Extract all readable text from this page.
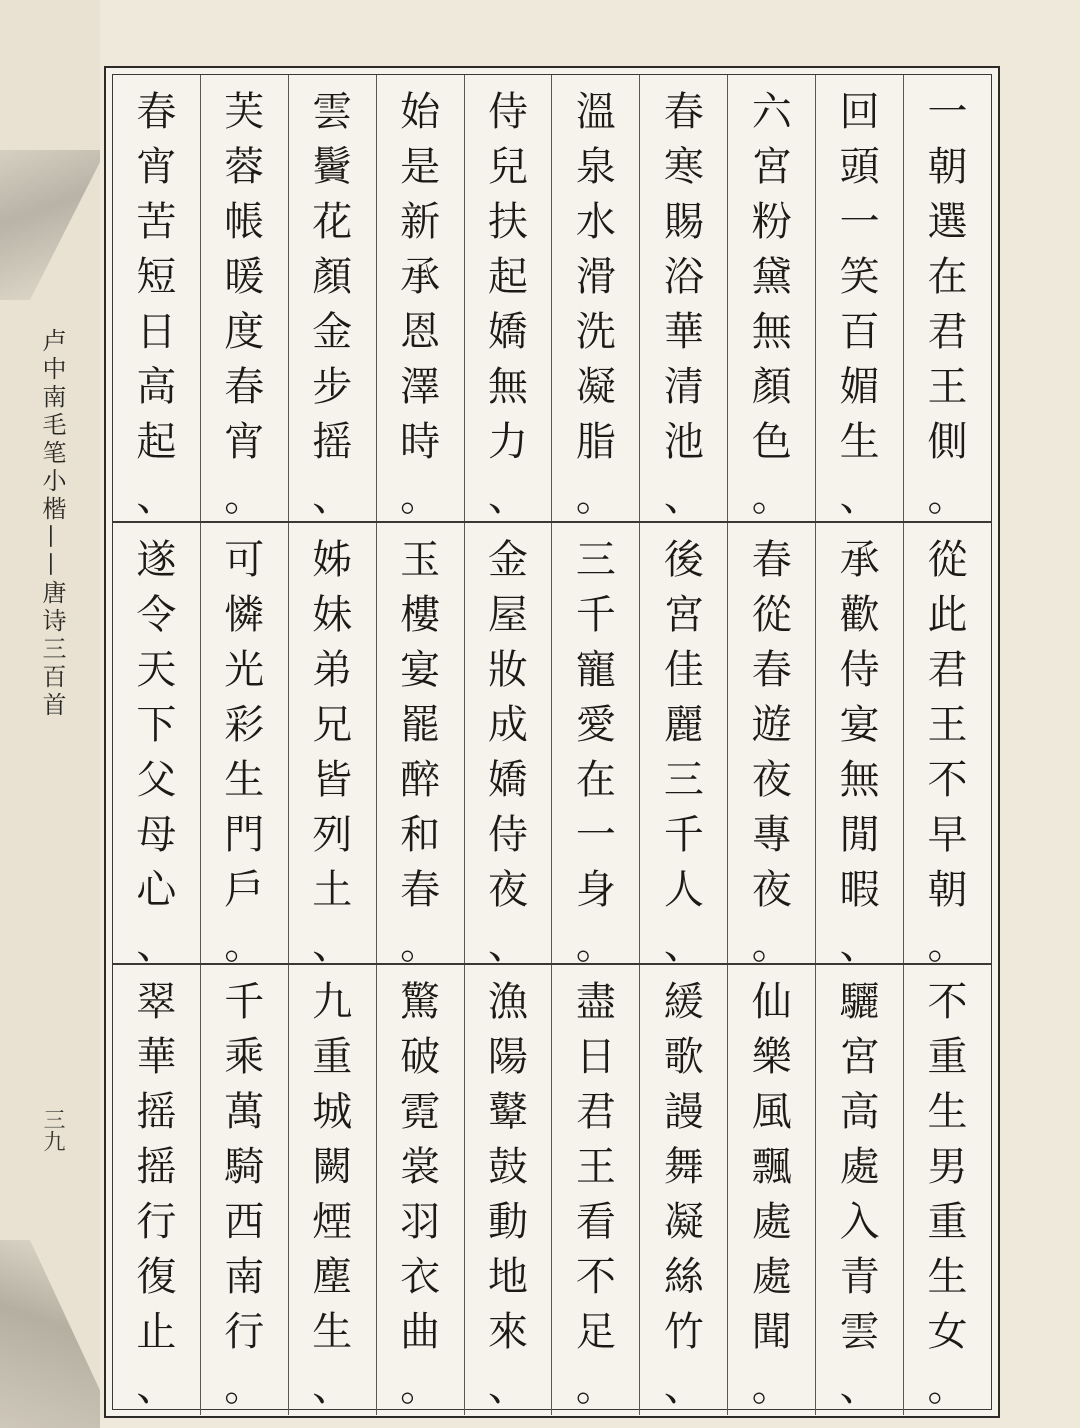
卢中南毛笔小楷——唐诗三百首
三九
一
朝
選
在
君
王
側
。
回
頭
一
笑
百
媚
生
、
六
宮
粉
黛
無
顏
色
。
春
寒
賜
浴
華
清
池
、
溫
泉
水
滑
洗
凝
脂
。
侍
兒
扶
起
嬌
無
力
、
始
是
新
承
恩
澤
時
。
雲
鬢
花
顏
金
步
摇
、
芙
蓉
帳
暖
度
春
宵
。
春
宵
苦
短
日
高
起
、
從
此
君
王
不
早
朝
。
承
歡
侍
宴
無
閒
暇
、
春
從
春
遊
夜
專
夜
。
後
宮
佳
麗
三
千
人
、
三
千
寵
愛
在
一
身
。
金
屋
妝
成
嬌
侍
夜
、
玉
樓
宴
罷
醉
和
春
。
姊
妹
弟
兄
皆
列
土
、
可
憐
光
彩
生
門
戶
。
遂
令
天
下
父
母
心
、
不
重
生
男
重
生
女
。
驪
宮
高
處
入
青
雲
、
仙
樂
風
飄
處
處
聞
。
緩
歌
謾
舞
凝
絲
竹
、
盡
日
君
王
看
不
足
。
漁
陽
鼙
鼓
動
地
來
、
驚
破
霓
裳
羽
衣
曲
。
九
重
城
闕
煙
塵
生
、
千
乘
萬
騎
西
南
行
。
翠
華
摇
摇
行
復
止
、
